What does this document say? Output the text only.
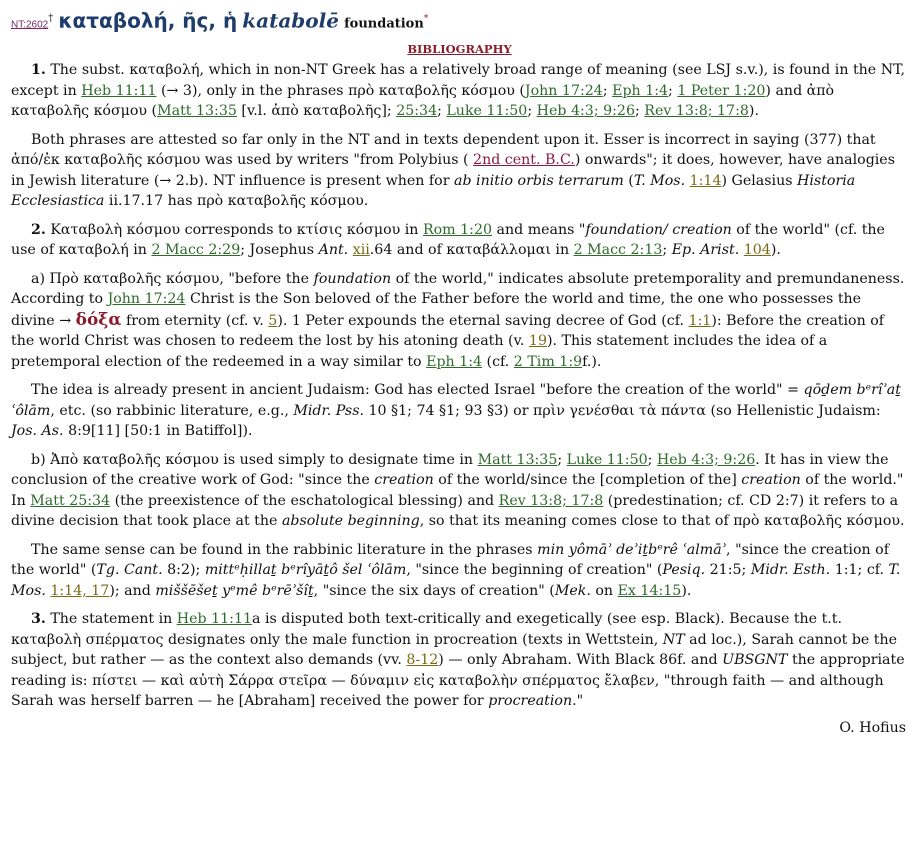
NT:2602† καταβολή, ῆς, ἡ katabolē foundation*
BIBLIOGRAPHY

1. The subst. καταβολή, which in non-NT Greek has a relatively broad range of meaning (see LSJ s.v.), is found in the NT, except in Heb 11:11 (→ 3), only in the phrases πρὸ καταβολῆς κόσμου (John 17:24; Eph 1:4; 1 Peter 1:20) and ἀπὸ καταβολῆς κόσμου (Matt 13:35 [v.l. ἀπὸ καταβολῆς]; 25:34; Luke 11:50; Heb 4:3; 9:26; Rev 13:8; 17:8).

Both phrases are attested so far only in the NT and in texts dependent upon it. Esser is incorrect in saying (377) that ἀπό/ἐκ καταβολῆς κόσμου was used by writers "from Polybius ( 2nd cent. B.C.) onwards"; it does, however, have analogies in Jewish literature (→ 2.b). NT influence is present when for ab initio orbis terrarum (T. Mos. 1:14) Gelasius Historia Ecclesiastica ii.17.17 has πρὸ καταβολῆς κόσμου.

2. Καταβολὴ κόσμου corresponds to κτίσις κόσμου in Rom 1:20 and means "foundation/ creation of the world" (cf. the use of καταβολή in 2 Macc 2:29; Josephus Ant. xii.64 and of καταβάλλομαι in 2 Macc 2:13; Ep. Arist. 104).

a) Πρὸ καταβολῆς κόσμου, "before the foundation of the world," indicates absolute pretemporality and premundaneness. According to John 17:24 Christ is the Son beloved of the Father before the world and time, the one who possesses the divine → δόξα from eternity (cf. v. 5). 1 Peter expounds the eternal saving decree of God (cf. 1:1): Before the creation of the world Christ was chosen to redeem the lost by his atoning death (v. 19). This statement includes the idea of a pretemporal election of the redeemed in a way similar to Eph 1:4 (cf. 2 Tim 1:9f.).

The idea is already present in ancient Judaism: God has elected Israel "before the creation of the world" = qōḏem bᵉrîʾaṯ ʿôlām, etc. (so rabbinic literature, e.g., Midr. Pss. 10 §1; 74 §1; 93 §3) or πρὶν γενέσθαι τὰ πάντα (so Hellenistic Judaism: Jos. As. 8:9[11] [50:1 in Batiffol]).

b) Ἀπὸ καταβολῆς κόσμου is used simply to designate time in Matt 13:35; Luke 11:50; Heb 4:3; 9:26. It has in view the conclusion of the creative work of God: "since the creation of the world/since the [completion of the] creation of the world." In Matt 25:34 (the preexistence of the eschatological blessing) and Rev 13:8; 17:8 (predestination; cf. CD 2:7) it refers to a divine decision that took place at the absolute beginning, so that its meaning comes close to that of πρὸ καταβολῆς κόσμου.

The same sense can be found in the rabbinic literature in the phrases min yômāʾ deʾiṯbᵉrê ʿalmāʾ, "since the creation of the world" (Tg. Cant. 8:2); mittᵉḥillaṯ bᵉrîyāṯô šel ʿôlām, "since the beginning of creation" (Pesiq. 21:5; Midr. Esth. 1:1; cf. T. Mos. 1:14, 17); and miššēšeṯ yᵉmê bᵉrēʾšîṯ, "since the six days of creation" (Mek. on Ex 14:15).

3. The statement in Heb 11:11a is disputed both text-critically and exegetically (see esp. Black). Because the t.t. καταβολὴ σπέρματος designates only the male function in procreation (texts in Wettstein, NT ad loc.), Sarah cannot be the subject, but rather — as the context also demands (vv. 8-12) — only Abraham. With Black 86f. and UBSGNT the appropriate reading is: πίστει — καὶ αὐτὴ Σάρρα στεῖρα — δύναμιν εἰς καταβολὴν σπέρματος ἔλαβεν, "through faith — and although Sarah was herself barren — he [Abraham] received the power for procreation."

O. Hofius
